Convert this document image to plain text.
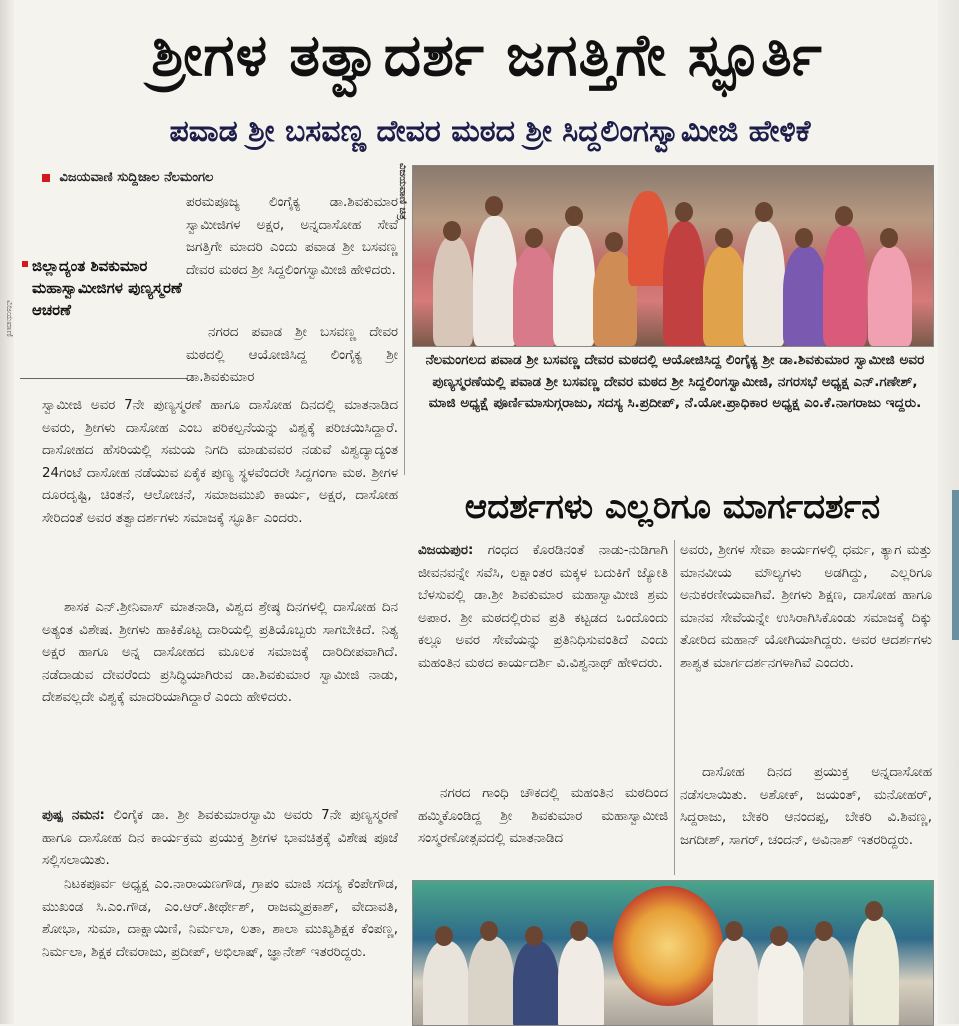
ವಿಜಯವಾಣಿ
ಶ್ರೀಗಳ ತತ್ವಾದರ್ಶ ಜಗತ್ತಿಗೇ ಸ್ಫೂರ್ತಿ
ಪವಾಡ ಶ್ರೀ ಬಸವಣ್ಣ ದೇವರ ಮಠದ ಶ್ರೀ ಸಿದ್ದಲಿಂಗಸ್ವಾಮೀಜಿ ಹೇಳಿಕೆ
ವಿಜಯವಾಣಿ ಸುದ್ದಿಜಾಲ ನೆಲಮಂಗಲ
ಜಿಲ್ಲಾದ್ಯಂತ ಶಿವಕುಮಾರ ಮಹಾಸ್ವಾಮೀಜಿಗಳ ಪುಣ್ಯಸ್ಮರಣೆ ಆಚರಣೆ
ಪರಮಪೂಜ್ಯ ಲಿಂಗೈಕ್ಯ ಡಾ.ಶಿವಕುಮಾರ ಸ್ವಾಮೀಜಿಗಳ ಅಕ್ಷರ, ಅನ್ನದಾಸೋಹ ಸೇವೆ ಜಗತ್ತಿಗೇ ಮಾದರಿ ಎಂದು ಪವಾಡ ಶ್ರೀ ಬಸವಣ್ಣ ದೇವರ ಮಠದ ಶ್ರೀ ಸಿದ್ದಲಿಂಗಸ್ವಾಮೀಜಿ ಹೇಳಿದರು.
ನಗರದ ಪವಾಡ ಶ್ರೀ ಬಸವಣ್ಣ ದೇವರ ಮಠದಲ್ಲಿ ಆಯೋಜಿಸಿದ್ದ ಲಿಂಗೈಕ್ಯ ಶ್ರೀ ಡಾ.ಶಿವಕುಮಾರ
ಸ್ವಾಮೀಜಿ ಅವರ 7ನೇ ಪುಣ್ಯಸ್ಮರಣೆ ಹಾಗೂ ದಾಸೋಹ ದಿನದಲ್ಲಿ ಮಾತನಾಡಿದ ಅವರು, ಶ್ರೀಗಳು ದಾಸೋಹ ಎಂಬ ಪರಿಕಲ್ಪನೆಯನ್ನು ವಿಶ್ವಕ್ಕೆ ಪರಿಚಯಿಸಿದ್ದಾರೆ. ದಾಸೋಹದ ಹೆಸರಿಯಲ್ಲಿ ಸಮಯ ನಿಗದಿ ಮಾಡುವವರ ನಡುವೆ ವಿಶ್ವದ್ಯಾದ್ಯಂತ 24ಗಂಟೆ ದಾಸೋಹ ನಡೆಯುವ ಏಕೈಕ ಪುಣ್ಯ ಸ್ಥಳವೆಂದರೇ ಸಿದ್ದಗಂಗಾ ಮಠ. ಶ್ರೀಗಳ ದೂರದೃಷ್ಟಿ, ಚಿಂತನೆ, ಆಲೋಚನೆ, ಸಮಾಜಮುಖಿ ಕಾರ್ಯ, ಅಕ್ಷರ, ದಾಸೋಹ ಸೇರಿದಂತೆ ಅವರ ತತ್ವಾದರ್ಶಗಳು ಸಮಾಜಕ್ಕೆ ಸ್ಫೂರ್ತಿ ಎಂದರು.
ಶಾಸಕ ಎನ್.ಶ್ರೀನಿವಾಸ್ ಮಾತನಾಡಿ, ವಿಶ್ವದ ಶ್ರೇಷ್ಠ ದಿನಗಳಲ್ಲಿ ದಾಸೋಹ ದಿನ ಅತ್ಯಂತ ವಿಶೇಷ. ಶ್ರೀಗಳು ಹಾಕಿಕೊಟ್ಟ ದಾರಿಯಲ್ಲಿ ಪ್ರತಿಯೊಬ್ಬರು ಸಾಗಬೇಕಿದೆ. ನಿತ್ಯ ಅಕ್ಷರ ಹಾಗೂ ಅನ್ನ ದಾಸೋಹದ ಮೂಲಕ ಸಮಾಜಕ್ಕೆ ದಾರಿದೀಪವಾಗಿದೆ. ನಡೆದಾಡುವ ದೇವರೆಂದು ಪ್ರಸಿದ್ಧಿಯಾಗಿರುವ ಡಾ.ಶಿವಕುಮಾರ ಸ್ವಾಮೀಜಿ ನಾಡು, ದೇಶವಲ್ಲದೇ ವಿಶ್ವಕ್ಕೆ ಮಾದರಿಯಾಗಿದ್ದಾರೆ ಎಂದು ಹೇಳಿದರು.
ಪುಷ್ಪ ನಮನ: ಲಿಂಗೈಕ ಡಾ. ಶ್ರೀ ಶಿವಕುಮಾರಸ್ವಾಮಿ ಅವರು 7ನೇ ಪುಣ್ಯಸ್ಮರಣೆ ಹಾಗೂ ದಾಸೋಹ ದಿನ ಕಾರ್ಯಕ್ರಮ ಪ್ರಯುಕ್ತ ಶ್ರೀಗಳ ಭಾವಚಿತ್ರಕ್ಕೆ ವಿಶೇಷ ಪೂಜೆ ಸಲ್ಲಿಸಲಾಯಿತು.
ನಿಟಕಪೂರ್ವ ಅಧ್ಯಕ್ಷ ಎಂ.ನಾರಾಯಣಗೌಡ, ಗ್ರಾಪಂ ಮಾಜಿ ಸದಸ್ಯ ಕೆಂಪೇಗೌಡ, ಮುಖಂಡ ಸಿ.ಎಂ.ಗೌಡ, ಎಂ.ಆರ್.ತೀರ್ಥೇಶ್, ರಾಜಮ್ಮಪ್ರಕಾಶ್, ವೇದಾವತಿ, ಶೋಭಾ, ಸುಮಾ, ದಾಕ್ಷಾಯಿಣಿ, ನಿರ್ಮಲಾ, ಲತಾ, ಶಾಲಾ ಮುಖ್ಯಶಿಕ್ಷಕ ಕೆಂಪಣ್ಣ, ನಿರ್ಮಲಾ, ಶಿಕ್ಷಕ ದೇವರಾಜು, ಪ್ರದೀಪ್, ಅಭಿಲಾಷ್, ಜ್ಞಾನೇಶ್ ಇತರರಿದ್ದರು.
ವಿಜಯವಾಣಿ ಚಿತ್ರ
ನೆಲಮಂಗಲದ ಪವಾಡ ಶ್ರೀ ಬಸವಣ್ಣ ದೇವರ ಮಠದಲ್ಲಿ ಆಯೋಜಿಸಿದ್ದ ಲಿಂಗೈಕ್ಯ ಶ್ರೀ ಡಾ.ಶಿವಕುಮಾರ ಸ್ವಾಮೀಜಿ ಅವರ ಪುಣ್ಯಸ್ಮರಣೆಯಲ್ಲಿ ಪವಾಡ ಶ್ರೀ ಬಸವಣ್ಣ ದೇವರ ಮಠದ ಶ್ರೀ ಸಿದ್ದಲಿಂಗಸ್ವಾಮೀಜಿ, ನಗರಸಭೆ ಅಧ್ಯಕ್ಷ ಎನ್.ಗಣೇಶ್, ಮಾಜಿ ಅಧ್ಯಕ್ಷೆ ಪೂರ್ಣಿಮಾಸುಗ್ಗರಾಜು, ಸದಸ್ಯ ಸಿ.ಪ್ರದೀಪ್, ನೆ.ಯೋ.ಪ್ರಾಧಿಕಾರ ಅಧ್ಯಕ್ಷ ಎಂ.ಕೆ.ನಾಗರಾಜು ಇದ್ದರು.
ಆದರ್ಶಗಳು ಎಲ್ಲರಿಗೂ ಮಾರ್ಗದರ್ಶನ
ವಿಜಯಪುರ: ಗಂಧದ ಕೊರಡಿನಂತೆ ನಾಡು-ನುಡಿಗಾಗಿ ಜೀವನವನ್ನೇ ಸವೆಸಿ, ಲಕ್ಷಾಂತರ ಮಕ್ಕಳ ಬದುಕಿಗೆ ಜ್ಯೋತಿ ಬೆಳಸುವಲ್ಲಿ ಡಾ.ಶ್ರೀ ಶಿವಕುಮಾರ ಮಹಾಸ್ವಾಮೀಜಿ ಶ್ರಮ ಅಪಾರ. ಶ್ರೀ ಮಠದಲ್ಲಿರುವ ಪ್ರತಿ ಕಟ್ಟಡದ ಒಂದೊಂದು ಕಲ್ಲೂ ಅವರ ಸೇವೆಯನ್ನು ಪ್ರತಿನಿಧಿಸುವಂತಿದೆ ಎಂದು ಮಹಂತಿನ ಮಠದ ಕಾರ್ಯದರ್ಶಿ ವಿ.ವಿಶ್ವನಾಥ್ ಹೇಳಿದರು.
ನಗರದ ಗಾಂಧಿ ಚೌಕದಲ್ಲಿ ಮಹಂತಿನ ಮಠದಿಂದ ಹಮ್ಮಿಕೊಂಡಿದ್ದ ಶ್ರೀ ಶಿವಕುಮಾರ ಮಹಾಸ್ವಾಮೀಜಿ ಸಂಸ್ಮರಣೋತ್ಸವದಲ್ಲಿ ಮಾತನಾಡಿದ
ಅವರು, ಶ್ರೀಗಳ ಸೇವಾ ಕಾರ್ಯಗಳಲ್ಲಿ ಧರ್ಮ, ತ್ಯಾಗ ಮತ್ತು ಮಾನವೀಯ ಮೌಲ್ಯಗಳು ಅಡಗಿದ್ದು, ಎಲ್ಲರಿಗೂ ಅನುಕರಣೀಯವಾಗಿವೆ. ಶ್ರೀಗಳು ಶಿಕ್ಷಣ, ದಾಸೋಹ ಹಾಗೂ ಮಾನವ ಸೇವೆಯನ್ನೇ ಉಸಿರಾಗಿಸಿಕೊಂಡು ಸಮಾಜಕ್ಕೆ ದಿಕ್ಕು ತೋರಿದ ಮಹಾನ್ ಯೋಗಿಯಾಗಿದ್ದರು. ಅವರ ಆದರ್ಶಗಳು ಶಾಶ್ವತ ಮಾರ್ಗದರ್ಶನಗಳಾಗಿವೆ ಎಂದರು.
ದಾಸೋಹ ದಿನದ ಪ್ರಯುಕ್ತ ಅನ್ನದಾಸೋಹ ನಡೆಸಲಾಯಿತು. ಅಶೋಕ್, ಜಯಂತ್, ಮನೋಹರ್, ಸಿದ್ದರಾಜು, ಬೇಕರಿ ಆನಂದಪ್ಪ, ಬೇಕರಿ ವಿ.ಶಿವಣ್ಣ, ಜಗದೀಶ್, ಸಾಗರ್, ಚಂದನ್, ಅವಿನಾಶ್ ಇತರರಿದ್ದರು.
